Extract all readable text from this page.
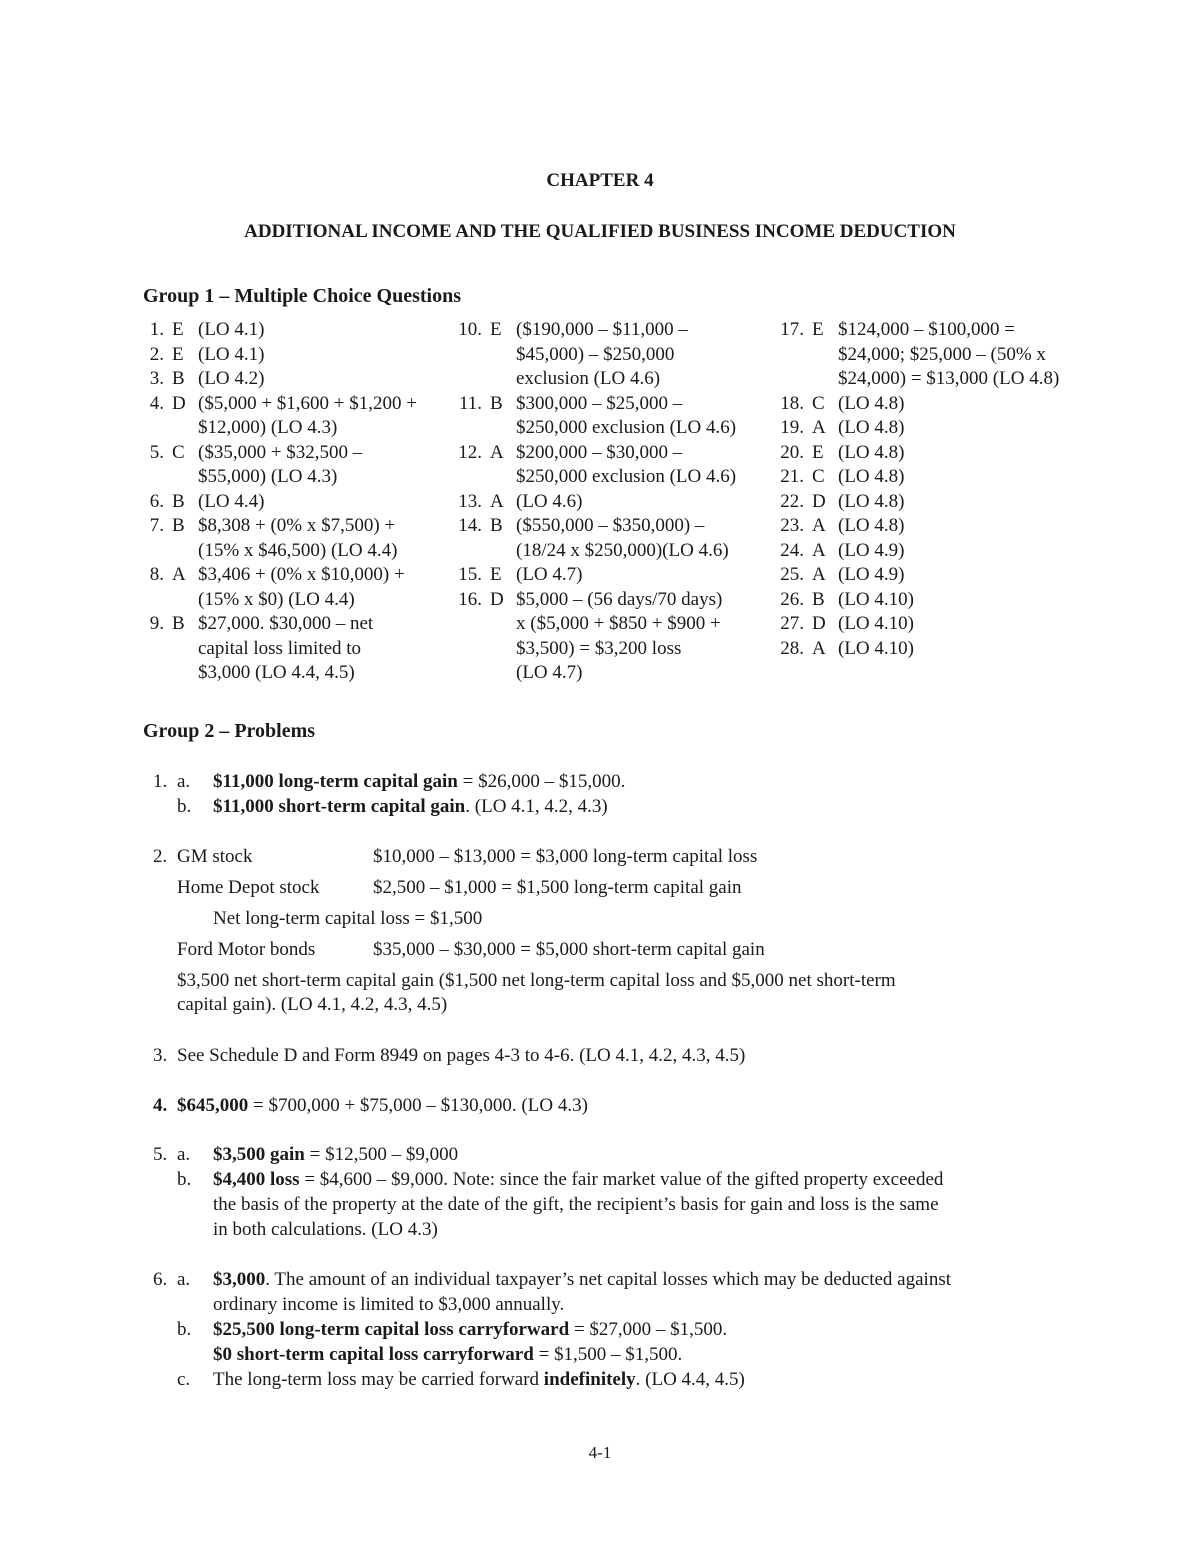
CHAPTER 4
ADDITIONAL INCOME AND THE QUALIFIED BUSINESS INCOME DEDUCTION
Group 1 – Multiple Choice Questions
1. E (LO 4.1)
2. E (LO 4.1)
3. B (LO 4.2)
4. D ($5,000 + $1,600 + $1,200 +
$12,000) (LO 4.3)
5. C ($35,000 + $32,500 –
$55,000) (LO 4.3)
6. B (LO 4.4)
7. B $8,308 + (0% x $7,500) +
(15% x $46,500) (LO 4.4)
8. A $3,406 + (0% x $10,000) +
(15% x $0) (LO 4.4)
9. B $27,000. $30,000 – net
capital loss limited to
$3,000 (LO 4.4, 4.5)
10. E ($190,000 – $11,000 –
$45,000) – $250,000
exclusion (LO 4.6)
11. B $300,000 – $25,000 –
$250,000 exclusion (LO 4.6)
12. A $200,000 – $30,000 –
$250,000 exclusion (LO 4.6)
13. A (LO 4.6)
14. B ($550,000 – $350,000) –
(18/24 x $250,000)(LO 4.6)
15. E (LO 4.7)
16. D $5,000 – (56 days/70 days)
x ($5,000 + $850 + $900 +
$3,500) = $3,200 loss
(LO 4.7)
17. E $124,000 – $100,000 =
$24,000; $25,000 – (50% x
$24,000) = $13,000 (LO 4.8)
18. C (LO 4.8)
19. A (LO 4.8)
20. E (LO 4.8)
21. C (LO 4.8)
22. D (LO 4.8)
23. A (LO 4.8)
24. A (LO 4.9)
25. A (LO 4.9)
26. B (LO 4.10)
27. D (LO 4.10)
28. A (LO 4.10)
Group 2 – Problems
1. a. $11,000 long-term capital gain = $26,000 – $15,000.
b. $11,000 short-term capital gain. (LO 4.1, 4.2, 4.3)
2. GM stock	$10,000 – $13,000 = $3,000 long-term capital loss
Home Depot stock	$2,500 – $1,000 = $1,500 long-term capital gain
Net long-term capital loss = $1,500
Ford Motor bonds	$35,000 – $30,000 = $5,000 short-term capital gain
$3,500 net short-term capital gain ($1,500 net long-term capital loss and $5,000 net short-term
capital gain). (LO 4.1, 4.2, 4.3, 4.5)
3. See Schedule D and Form 8949 on pages 4-3 to 4-6. (LO 4.1, 4.2, 4.3, 4.5)
4. $645,000 = $700,000 + $75,000 – $130,000. (LO 4.3)
5. a. $3,500 gain = $12,500 – $9,000
b. $4,400 loss = $4,600 – $9,000. Note: since the fair market value of the gifted property exceeded
the basis of the property at the date of the gift, the recipient’s basis for gain and loss is the same
in both calculations. (LO 4.3)
6. a. $3,000. The amount of an individual taxpayer’s net capital losses which may be deducted against
ordinary income is limited to $3,000 annually.
b. $25,500 long-term capital loss carryforward = $27,000 – $1,500.
$0 short-term capital loss carryforward = $1,500 – $1,500.
c. The long-term loss may be carried forward indefinitely. (LO 4.4, 4.5)
4-1
